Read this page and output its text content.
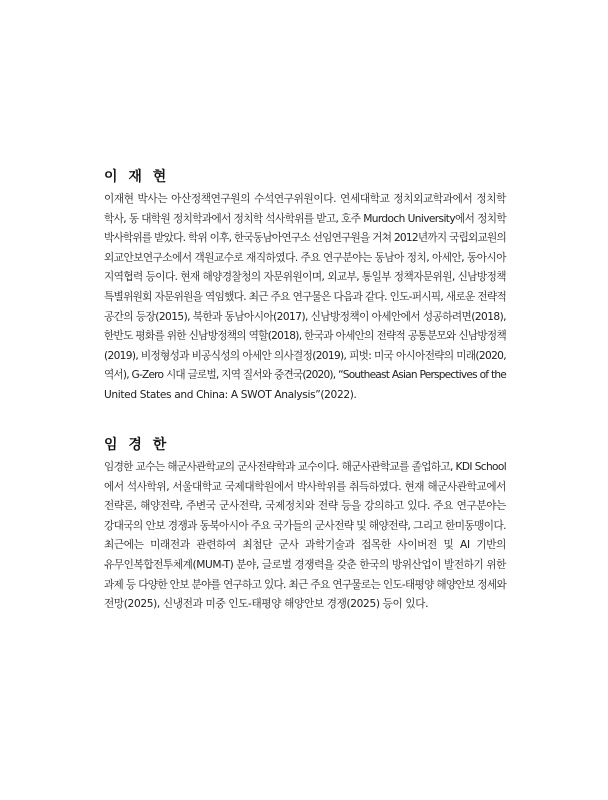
이 재 현

이재현 박사는 아산정책연구원의 수석연구위원이다. 연세대학교 정치외교학과에서 정치학
학사, 동 대학원 정치학과에서 정치학 석사학위를 받고, 호주 Murdoch University에서 정치학
박사학위를 받았다. 학위 이후, 한국동남아연구소 선임연구원을 거쳐 2012년까지 국립외교원의
외교안보연구소에서 객원교수로 재직하였다. 주요 연구분야는 동남아 정치, 아세안, 동아시아
지역협력 등이다. 현재 해양경찰청의 자문위원이며, 외교부, 통일부 정책자문위원, 신남방정책
특별위원회 자문위원을 역임했다. 최근 주요 연구물은 다음과 같다. 인도-퍼시픽, 새로운 전략적
공간의 등장(2015), 북한과 동남아시아(2017), 신남방정책이 아세안에서 성공하려면(2018),
한반도 평화를 위한 신남방정책의 역할(2018), 한국과 아세안의 전략적 공통분모와 신남방정책
(2019), 비정형성과 비공식성의 아세안 의사결정(2019), 피벗: 미국 아시아전략의 미래(2020,
역서), G-Zero 시대 글로벌, 지역 질서와 중견국(2020), “Southeast Asian Perspectives of the
United States and China: A SWOT Analysis”(2022).

임 경 한

임경한 교수는 해군사관학교의 군사전략학과 교수이다. 해군사관학교를 졸업하고, KDI School
에서 석사학위, 서울대학교 국제대학원에서 박사학위를 취득하였다. 현재 해군사관학교에서
전략론, 해양전략, 주변국 군사전략, 국제정치와 전략 등을 강의하고 있다. 주요 연구분야는
강대국의 안보 경쟁과 동북아시아 주요 국가들의 군사전략 및 해양전략, 그리고 한미동맹이다.
최근에는 미래전과 관련하여 최첨단 군사 과학기술과 접목한 사이버전 및 AI 기반의
유무인복합전투체계(MUM-T) 분야, 글로벌 경쟁력을 갖춘 한국의 방위산업이 발전하기 위한
과제 등 다양한 안보 분야를 연구하고 있다. 최근 주요 연구물로는 인도-태평양 해양안보 정세와
전망(2025), 신냉전과 미중 인도-태평양 해양안보 경쟁(2025) 등이 있다.
